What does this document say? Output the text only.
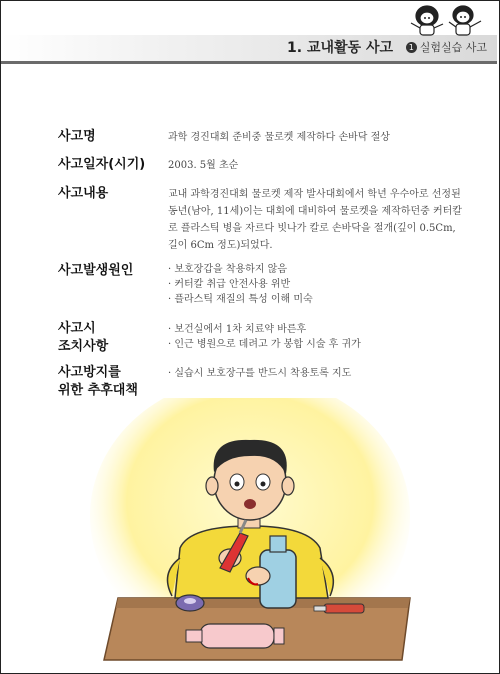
1. 교내활동 사고	1 실험실습 사고
사고명	과학 경진대회 준비중 물로켓 제작하다 손바닥 절상
사고일자(시기) 2003. 5월 초순
사고내용	교내 과학경진대회 물로켓 제작 발사대회에서 학년 우수아로 선정된 동년(남아, 11세)이는 대회에 대비하여 물로켓을 제작하던중 커터칼로 플라스틱 병을 자르다 빗나가 칼로 손바닥을 절개(깊이 0.5Cm, 길이 6Cm 정도)되었다.
사고발생원인
·	보호장갑을 착용하지 않음
· 커터칼 취급 안전사용 위반
· 플라스틱 재질의 특성 이해 미숙
사고시
조치사항
· 보건실에서 1차 치료약 바른후
· 인근 병원으로 데려고 가 봉합 시술 후 귀가
사고방지를
위한 추후대책
· 실습시 보호장구를 반드시 착용토록 지도
